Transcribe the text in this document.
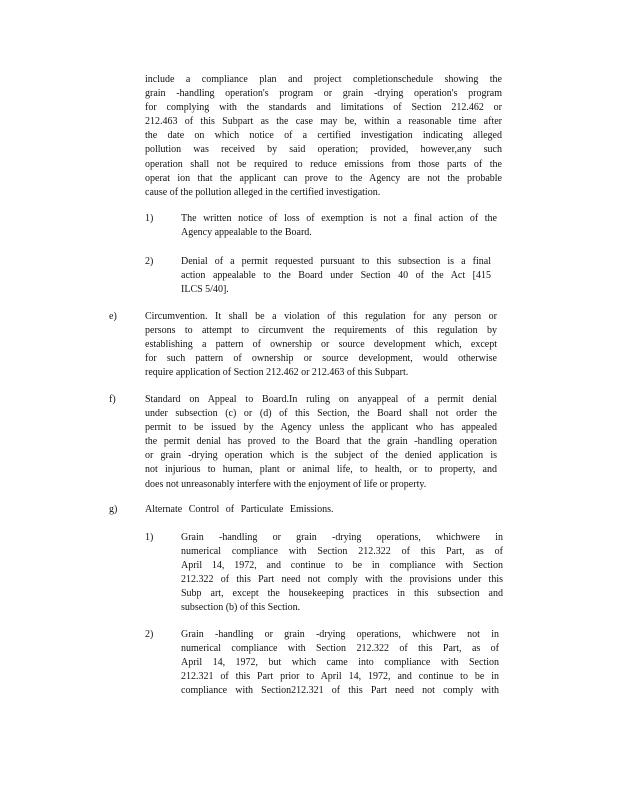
include a compliance plan and project completionschedule showing the
grain -handling operation's program or grain -drying operation's program
for complying with the standards and limitations of Section 212.462 or
212.463 of this Subpart as the case may be, within a reasonable time after
the date on which notice of a certified investigation indicating alleged
pollution was received by said operation; provided, however,any such
operation shall not be required to reduce emissions from those parts of the
operat ion that the applicant can prove to the Agency are not the probable
cause of the pollution alleged in the certified investigation.
1)	The written notice of loss of exemption is not a final action of the
Agency appealable to the Board.
2)	Denial of a permit requested pursuant to this subsection is a final
action appealable to the Board under Section 40 of the Act [415
ILCS 5/40].
e)	Circumvention. It shall be a violation of this regulation for any person or
persons to attempt to circumvent the requirements of this regulation by
establishing a pattern of ownership or source development which, except
for such pattern of ownership or source development, would otherwise
require application of Section 212.462 or 212.463 of this Subpart.
f)	Standard on Appeal to Board.In ruling on anyappeal of a permit denial
under subsection (c) or (d) of this Section, the Board shall not order the
permit to be issued by the Agency unless the applicant who has appealed
the permit denial has proved to the Board that the grain -handling operation
or grain -drying operation which is the subject of the denied application is
not injurious to human, plant or animal life, to health, or to property, and
does not unreasonably interfere with the enjoyment of life or property.
g)	Alternate Control of Particulate Emissions.
1)	Grain -handling or grain -drying operations, whichwere in
numerical compliance with Section 212.322 of this Part, as of
April 14, 1972, and continue to be in compliance with Section
212.322 of this Part need not comply with the provisions under this
Subp art, except the housekeeping practices in this subsection and
subsection (b) of this Section.
2)	Grain -handling or grain -drying operations, whichwere not in
numerical compliance with Section 212.322 of this Part, as of
April 14, 1972, but which came into compliance with Section
212.321 of this Part prior to April 14, 1972, and continue to be in
compliance with Section212.321 of this Part need not comply with
